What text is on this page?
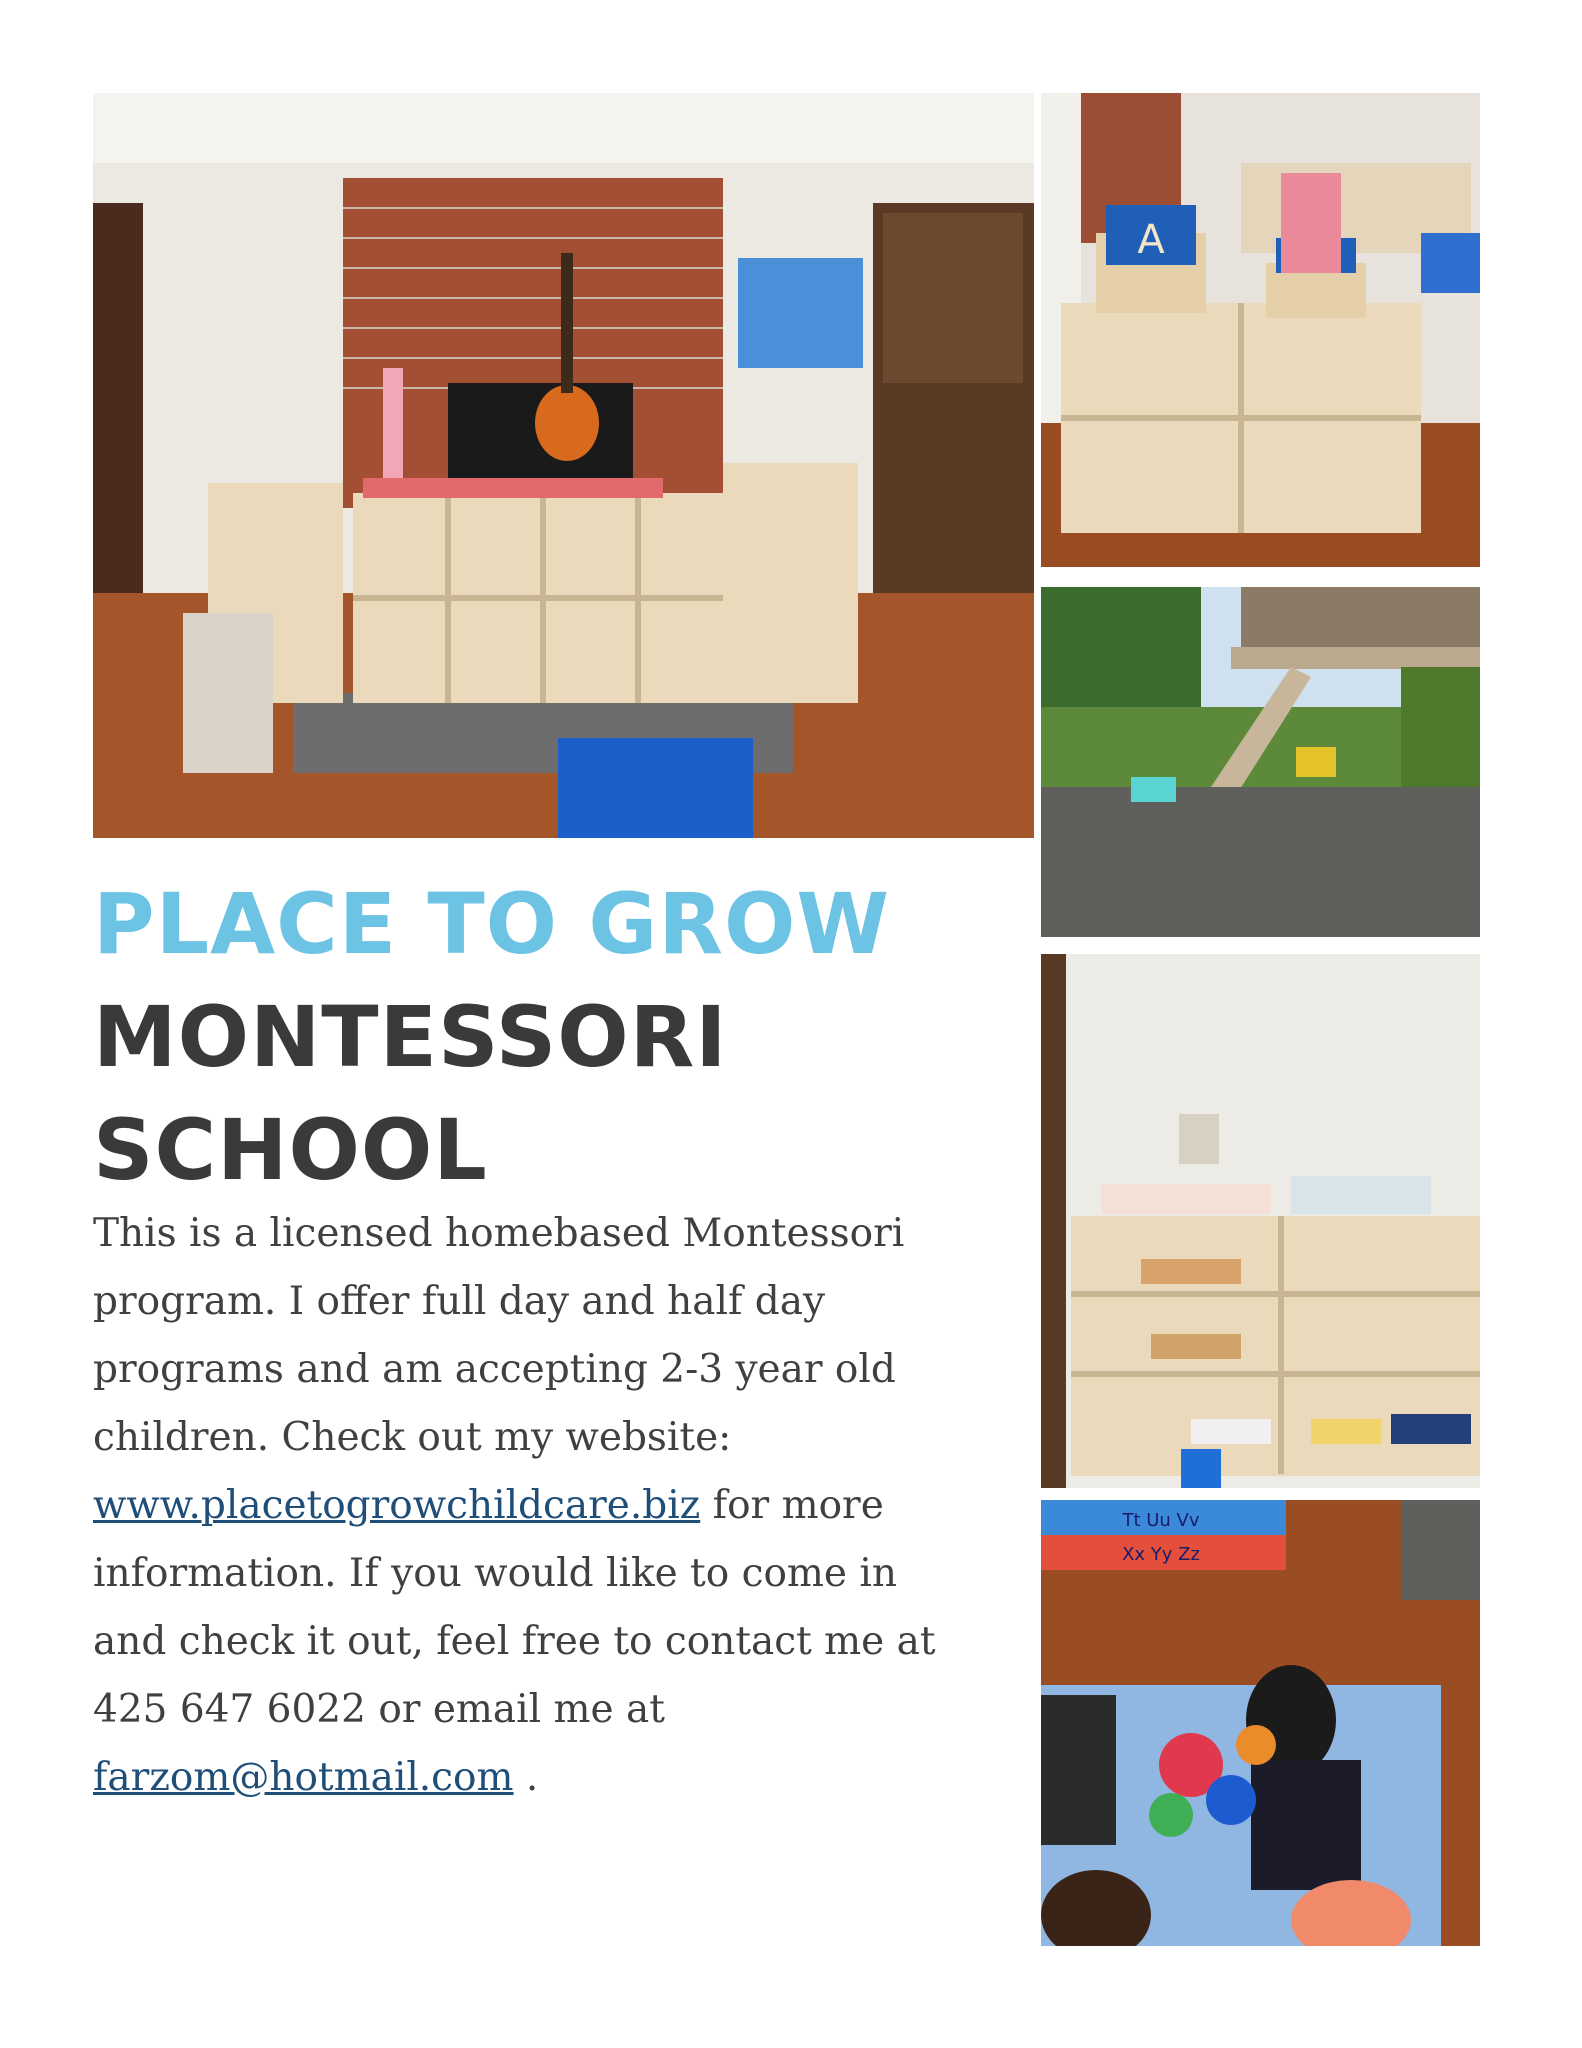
A
Tt Uu Vv
Xx Yy Zz
PLACE TO GROW
MONTESSORI
SCHOOL

This is a licensed homebased Montessori program. I offer full day and half day programs and am accepting 2-3 year old children. Check out my website: www.placetogrowchildcare.biz for more information. If you would like to come in and check it out, feel free to contact me at 425 647 6022 or email me at farzom@hotmail.com .
